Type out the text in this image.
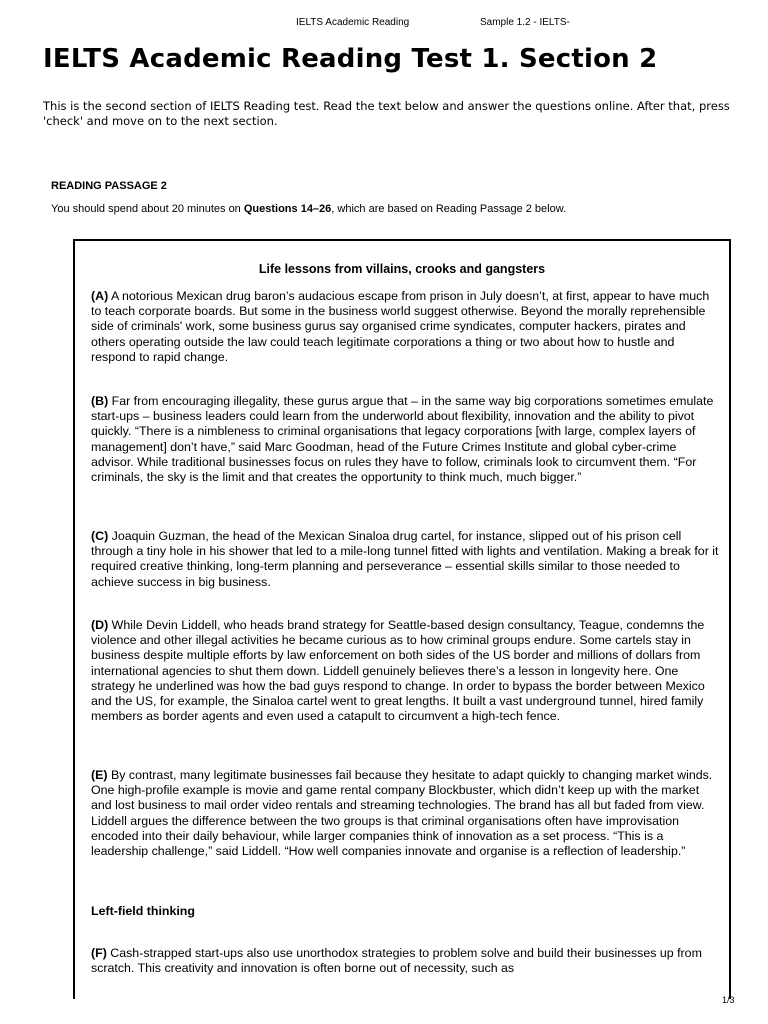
IELTS Academic Reading	Sample 1.2 - IELTS-
IELTS Academic Reading Test 1. Section 2

This is the second section of IELTS Reading test. Read the text below and answer the questions online. After that, press 'check' and move on to the next section.

READING PASSAGE 2

You should spend about 20 minutes on Questions 14–26, which are based on Reading Passage 2 below.

Life lessons from villains, crooks and gangsters

(A) A notorious Mexican drug baron’s audacious escape from prison in July doesn’t, at first, appear to have much to teach corporate boards. But some in the business world suggest otherwise. Beyond the morally reprehensible side of criminals' work, some business gurus say organised crime syndicates, computer hackers, pirates and others operating outside the law could teach legitimate corporations a thing or two about how to hustle and respond to rapid change.

(B) Far from encouraging illegality, these gurus argue that – in the same way big corporations sometimes emulate start-ups – business leaders could learn from the underworld about flexibility, innovation and the ability to pivot quickly. “There is a nimbleness to criminal organisations that legacy corporations [with large, complex layers of management] don’t have,” said Marc Goodman, head of the Future Crimes Institute and global cyber-crime advisor. While traditional businesses focus on rules they have to follow, criminals look to circumvent them. “For criminals, the sky is the limit and that creates the opportunity to think much, much bigger.”

(C) Joaquin Guzman, the head of the Mexican Sinaloa drug cartel, for instance, slipped out of his prison cell through a tiny hole in his shower that led to a mile-long tunnel fitted with lights and ventilation. Making a break for it required creative thinking, long-term planning and perseverance – essential skills similar to those needed to achieve success in big business.

(D) While Devin Liddell, who heads brand strategy for Seattle-based design consultancy, Teague, condemns the violence and other illegal activities he became curious as to how criminal groups endure. Some cartels stay in business despite multiple efforts by law enforcement on both sides of the US border and millions of dollars from international agencies to shut them down. Liddell genuinely believes there’s a lesson in longevity here. One strategy he underlined was how the bad guys respond to change. In order to bypass the border between Mexico and the US, for example, the Sinaloa cartel went to great lengths. It built a vast underground tunnel, hired family members as border agents and even used a catapult to circumvent a high-tech fence.

(E) By contrast, many legitimate businesses fail because they hesitate to adapt quickly to changing market winds. One high-profile example is movie and game rental company Blockbuster, which didn’t keep up with the market and lost business to mail order video rentals and streaming technologies. The brand has all but faded from view. Liddell argues the difference between the two groups is that criminal organisations often have improvisation encoded into their daily behaviour, while larger companies think of innovation as a set process. “This is a leadership challenge,” said Liddell. “How well companies innovate and organise is a reflection of leadership.”

Left-field thinking

(F) Cash-strapped start-ups also use unorthodox strategies to problem solve and build their businesses up from scratch. This creativity and innovation is often borne out of necessity, such as

1/3
